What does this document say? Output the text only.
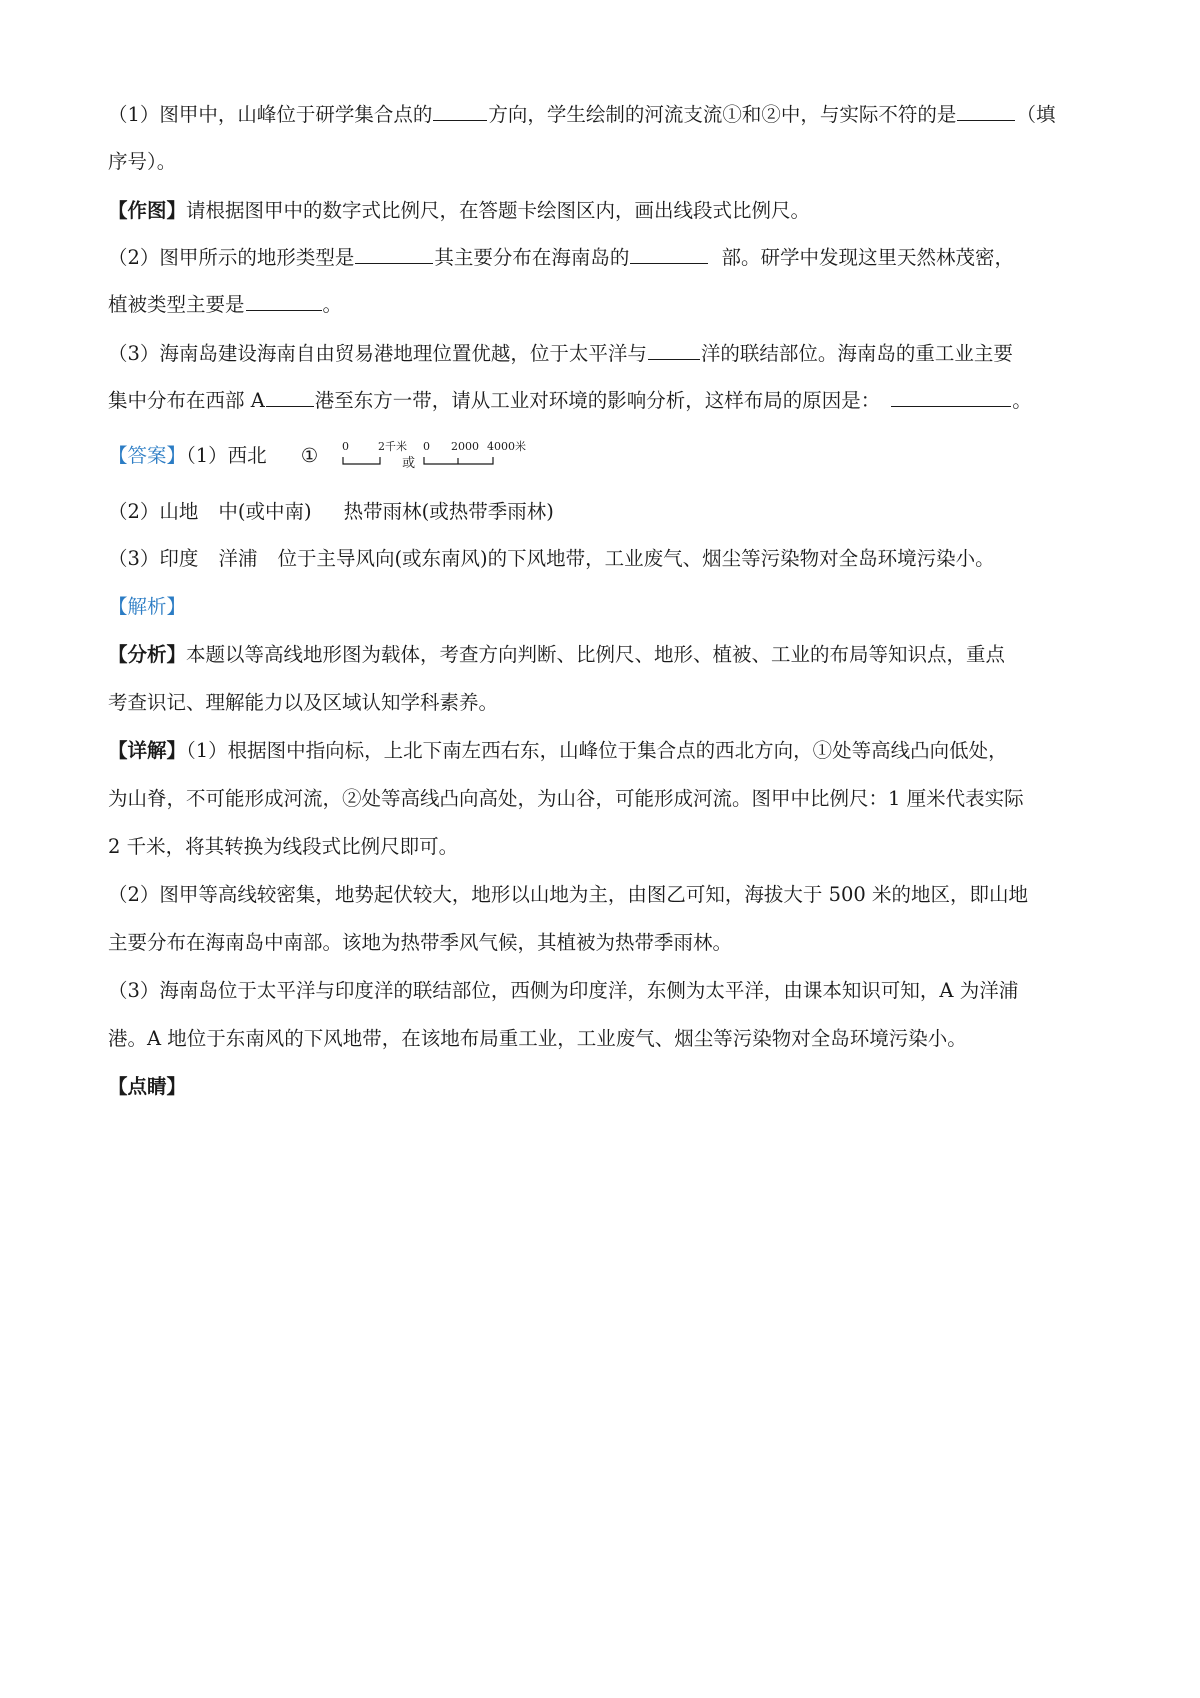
（1）图甲中，山峰位于研学集合点的	方向，学生绘制的河流支流①和②中，与实际不符的是	（填
序号）。
【作图】请根据图甲中的数字式比例尺，在答题卡绘图区内，画出线段式比例尺。
（2）图甲所示的地形类型是	其主要分布在海南岛的	部。研学中发现这里天然林茂密，
植被类型主要是	。
（3）海南岛建设海南自由贸易港地理位置优越，位于太平洋与	洋的联结部位。海南岛的重工业主要
集中分布在西部 A	港至东方一带，请从工业对环境的影响分析，这样布局的原因是：	。
【答案】（1）西北 ① 0	2千米
$_或$
0 2000 4000米
（2）山地 中(或中南) 热带雨林(或热带季雨林)
（3）印度 洋浦 位于主导风向(或东南风)的下风地带，工业废气、烟尘等污染物对全岛环境污染小。
【解析】
【分析】本题以等高线地形图为载体，考查方向判断、比例尺、地形、植被、工业的布局等知识点，重点
考查识记、理解能力以及区域认知学科素养。
【详解】（1）根据图中指向标，上北下南左西右东，山峰位于集合点的西北方向，①处等高线凸向低处，
为山脊，不可能形成河流，②处等高线凸向高处，为山谷，可能形成河流。图甲中比例尺：1 厘米代表实际
2 千米，将其转换为线段式比例尺即可。
（2）图甲等高线较密集，地势起伏较大，地形以山地为主，由图乙可知，海拔大于 500 米的地区，即山地
主要分布在海南岛中南部。该地为热带季风气候，其植被为热带季雨林。
（3）海南岛位于太平洋与印度洋的联结部位，西侧为印度洋，东侧为太平洋，由课本知识可知，A 为洋浦
港。A 地位于东南风的下风地带，在该地布局重工业，工业废气、烟尘等污染物对全岛环境污染小。
【点睛】
